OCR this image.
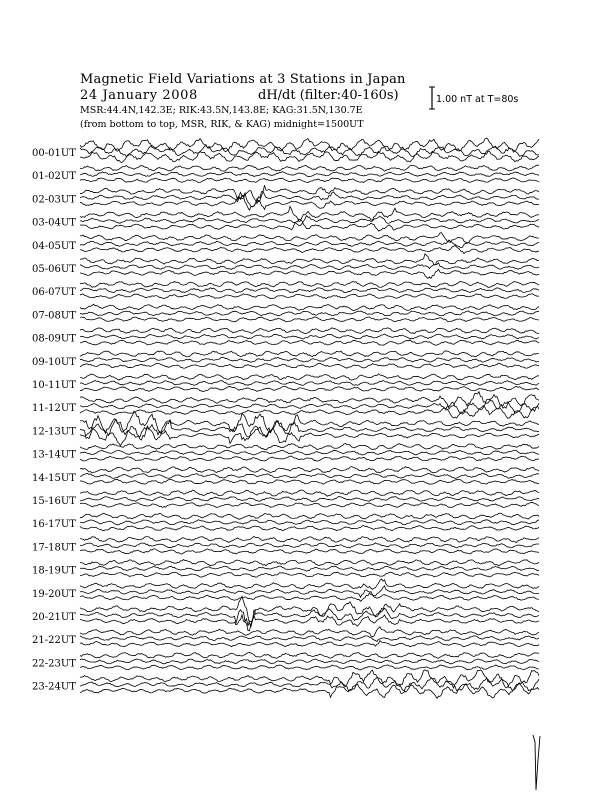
Magnetic Field Variations at 3 Stations in Japan
24 January 2008	dH/dt (filter:40-160s)
MSR:44.4N,142.3E; RIK:43.5N,143.8E; KAG:31.5N,130.7E
(from bottom to top, MSR, RIK, & KAG) midnight=1500UT
1.00 nT at T=80s
00-01UT
01-02UT
02-03UT
03-04UT
04-05UT
05-06UT
06-07UT
07-08UT
08-09UT
09-10UT
10-11UT
11-12UT
12-13UT
13-14UT
14-15UT
15-16UT
16-17UT
17-18UT
18-19UT
19-20UT
20-21UT
21-22UT
22-23UT
23-24UT
